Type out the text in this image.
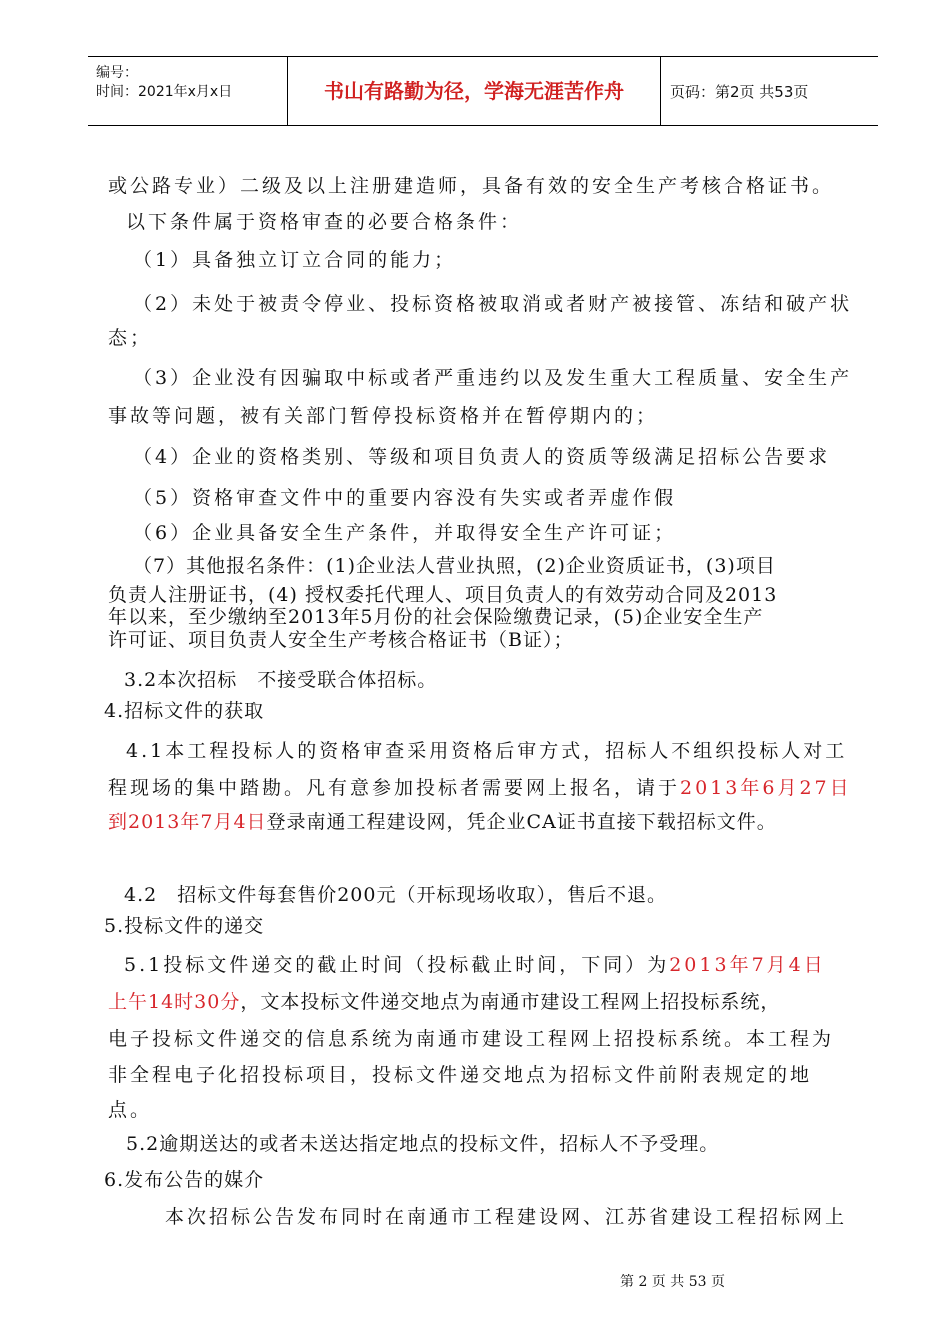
编号：
时间：2021年x月x日	书山有路勤为径，学海无涯苦作舟	页码：第2页 共53页
或公路专业）二级及以上注册建造师，具备有效的安全生产考核合格证书。
以下条件属于资格审查的必要合格条件：
（1）具备独立订立合同的能力；
（2）未处于被责令停业、投标资格被取消或者财产被接管、冻结和破产状
态；
（3）企业没有因骗取中标或者严重违约以及发生重大工程质量、安全生产
事故等问题，被有关部门暂停投标资格并在暂停期内的；
（4）企业的资格类别、等级和项目负责人的资质等级满足招标公告要求
（5）资格审查文件中的重要内容没有失实或者弄虚作假
（6）企业具备安全生产条件，并取得安全生产许可证；
（7）其他报名条件：(1)企业法人营业执照，(2)企业资质证书，(3)项目
负责人注册证书，(4) 授权委托代理人、项目负责人的有效劳动合同及2013
年以来，至少缴纳至2013年5月份的社会保险缴费记录，(5)企业安全生产
许可证、项目负责人安全生产考核合格证书（B证）；
3.2本次招标　不接受联合体招标。
4.招标文件的获取
4.1本工程投标人的资格审查采用资格后审方式，招标人不组织投标人对工
程现场的集中踏勘。凡有意参加投标者需要网上报名，请于2013年6月27日
到2013年7月4日登录南通工程建设网，凭企业CA证书直接下载招标文件。
4.2　招标文件每套售价200元（开标现场收取），售后不退。
5.投标文件的递交
5.1投标文件递交的截止时间（投标截止时间，下同）为2013年7月4日
上午14时30分，文本投标文件递交地点为南通市建设工程网上招投标系统，
电子投标文件递交的信息系统为南通市建设工程网上招投标系统。本工程为
非全程电子化招投标项目，投标文件递交地点为招标文件前附表规定的地
点。
5.2逾期送达的或者未送达指定地点的投标文件，招标人不予受理。
6.发布公告的媒介
本次招标公告发布同时在南通市工程建设网、江苏省建设工程招标网上
第 2 页 共 53 页
